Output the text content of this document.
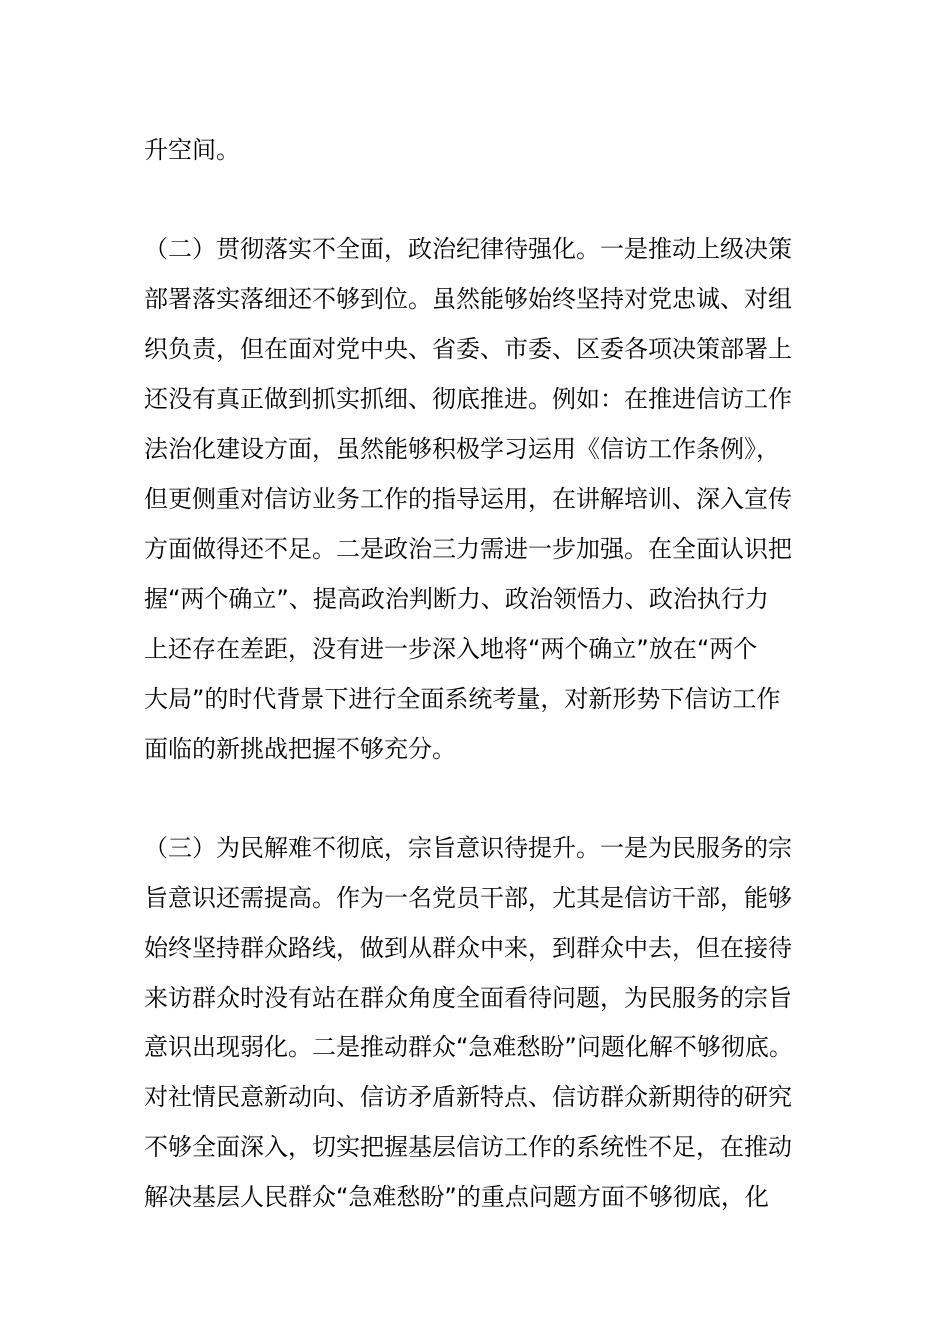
升空间。

（二）贯彻落实不全面，政治纪律待强化。一是推动上级决策

部署落实落细还不够到位。虽然能够始终坚持对党忠诚、对组

织负责，但在面对党中央、省委、市委、区委各项决策部署上

还没有真正做到抓实抓细、彻底推进。例如：在推进信访工作

法治化建设方面，虽然能够积极学习运用《信访工作条例》，

但更侧重对信访业务工作的指导运用，在讲解培训、深入宣传

方面做得还不足。二是政治三力需进一步加强。在全面认识把

握“两个确立”、提高政治判断力、政治领悟力、政治执行力

上还存在差距，没有进一步深入地将“两个确立”放在“两个

大局”的时代背景下进行全面系统考量，对新形势下信访工作

面临的新挑战把握不够充分。

（三）为民解难不彻底，宗旨意识待提升。一是为民服务的宗

旨意识还需提高。作为一名党员干部，尤其是信访干部，能够

始终坚持群众路线，做到从群众中来，到群众中去，但在接待

来访群众时没有站在群众角度全面看待问题，为民服务的宗旨

意识出现弱化。二是推动群众“急难愁盼”问题化解不够彻底。

对社情民意新动向、信访矛盾新特点、信访群众新期待的研究

不够全面深入，切实把握基层信访工作的系统性不足，在推动

解决基层人民群众“急难愁盼”的重点问题方面不够彻底，化
